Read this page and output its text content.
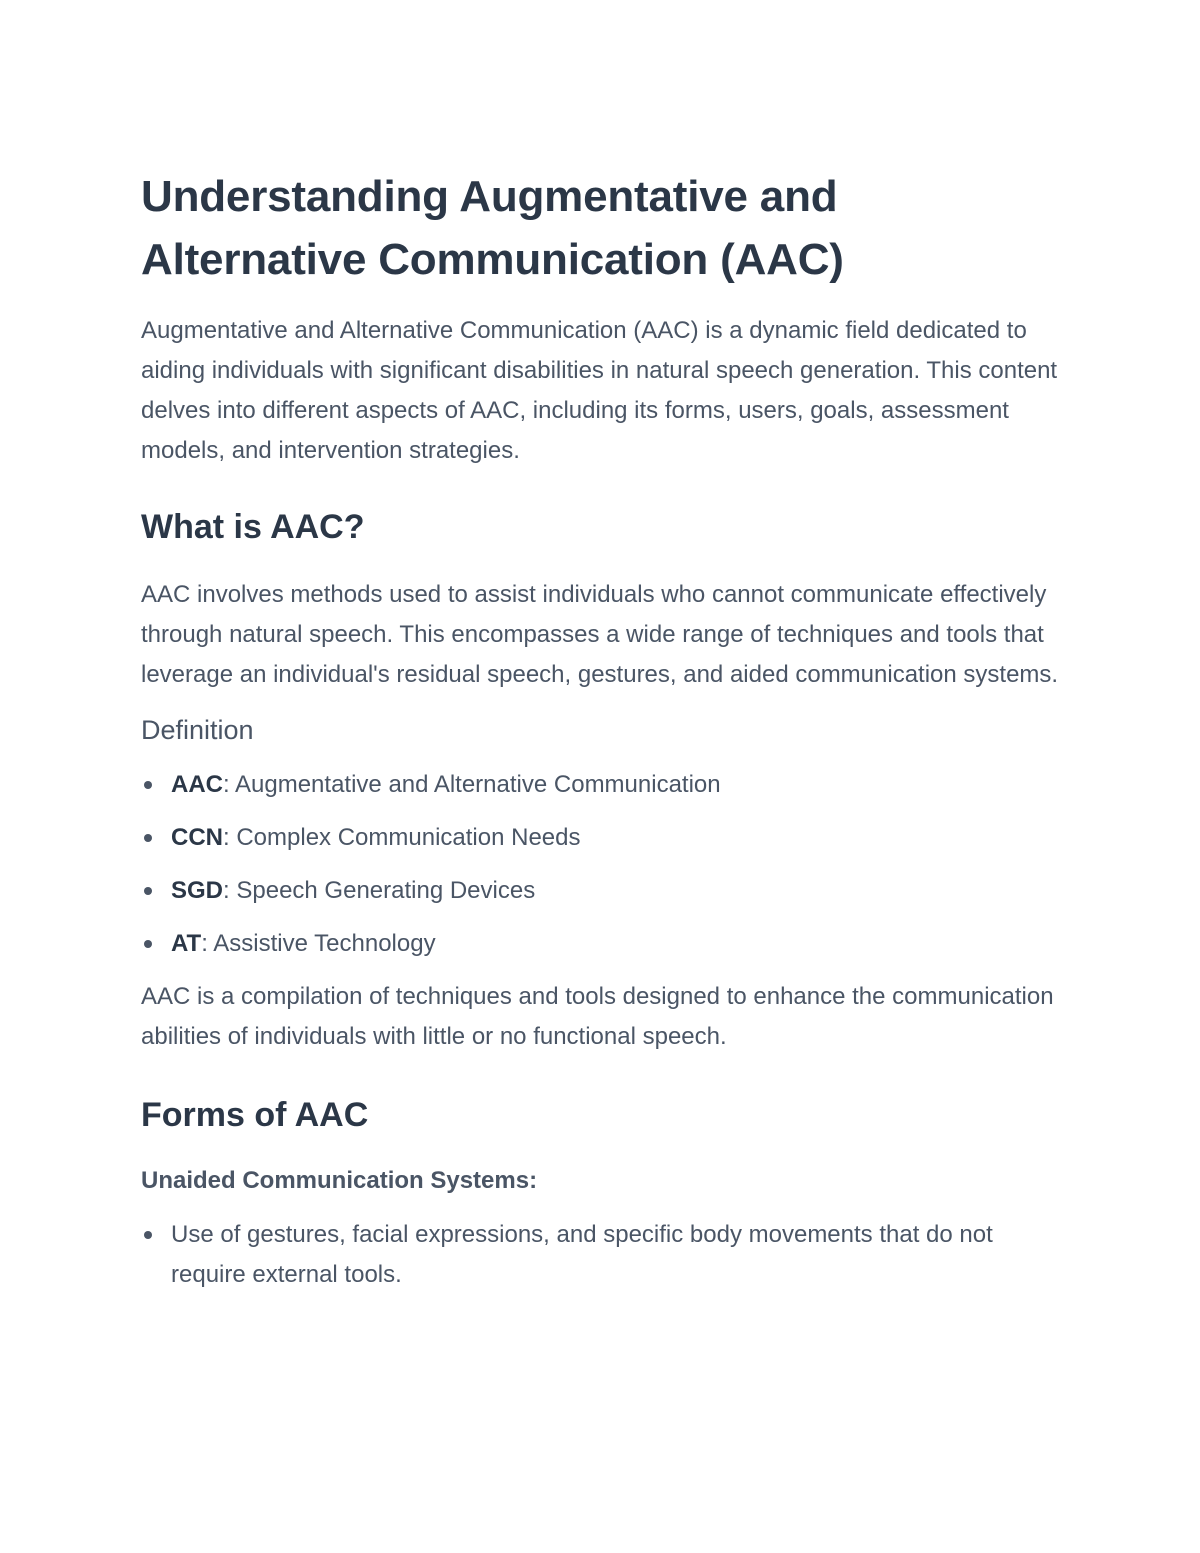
Understanding Augmentative and Alternative Communication (AAC)

Augmentative and Alternative Communication (AAC) is a dynamic field dedicated to aiding individuals with significant disabilities in natural speech generation. This content delves into different aspects of AAC, including its forms, users, goals, assessment models, and intervention strategies.

What is AAC?

AAC involves methods used to assist individuals who cannot communicate effectively through natural speech. This encompasses a wide range of techniques and tools that leverage an individual's residual speech, gestures, and aided communication systems.

Definition
AAC: Augmentative and Alternative Communication
CCN: Complex Communication Needs
SGD: Speech Generating Devices
AT: Assistive Technology

AAC is a compilation of techniques and tools designed to enhance the communication abilities of individuals with little or no functional speech.

Forms of AAC

Unaided Communication Systems:

Use of gestures, facial expressions, and specific body movements that do not require external tools.
